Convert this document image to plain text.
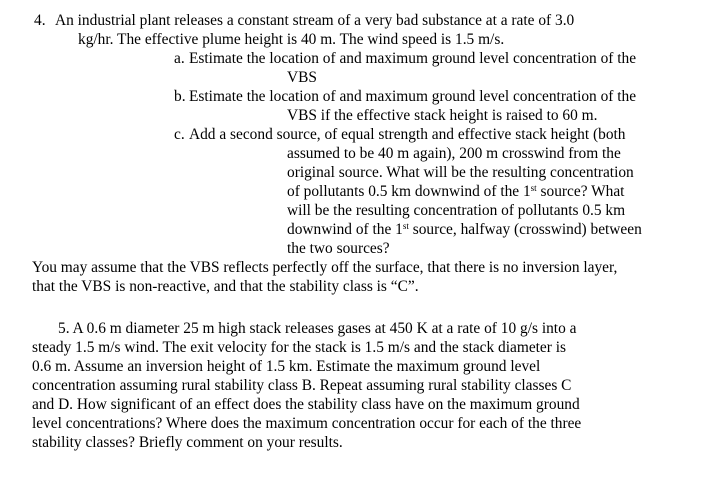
4. An industrial plant releases a constant stream of a very bad substance at a rate of 3.0
kg/hr. The effective plume height is 40 m. The wind speed is 1.5 m/s.
a. Estimate the location of and maximum ground level concentration of the
VBS
b. Estimate the location of and maximum ground level concentration of the
VBS if the effective stack height is raised to 60 m.
c. Add a second source, of equal strength and effective stack height (both
assumed to be 40 m again), 200 m crosswind from the
original source. What will be the resulting concentration
of pollutants 0.5 km downwind of the 1st source? What
will be the resulting concentration of pollutants 0.5 km
downwind of the 1st source, halfway (crosswind) between
the two sources?
You may assume that the VBS reflects perfectly off the surface, that there is no inversion layer,
that the VBS is non-reactive, and that the stability class is “C”.
5. A 0.6 m diameter 25 m high stack releases gases at 450 K at a rate of 10 g/s into a
steady 1.5 m/s wind. The exit velocity for the stack is 1.5 m/s and the stack diameter is
0.6 m. Assume an inversion height of 1.5 km. Estimate the maximum ground level
concentration assuming rural stability class B. Repeat assuming rural stability classes C
and D. How significant of an effect does the stability class have on the maximum ground
level concentrations? Where does the maximum concentration occur for each of the three
stability classes? Briefly comment on your results.
